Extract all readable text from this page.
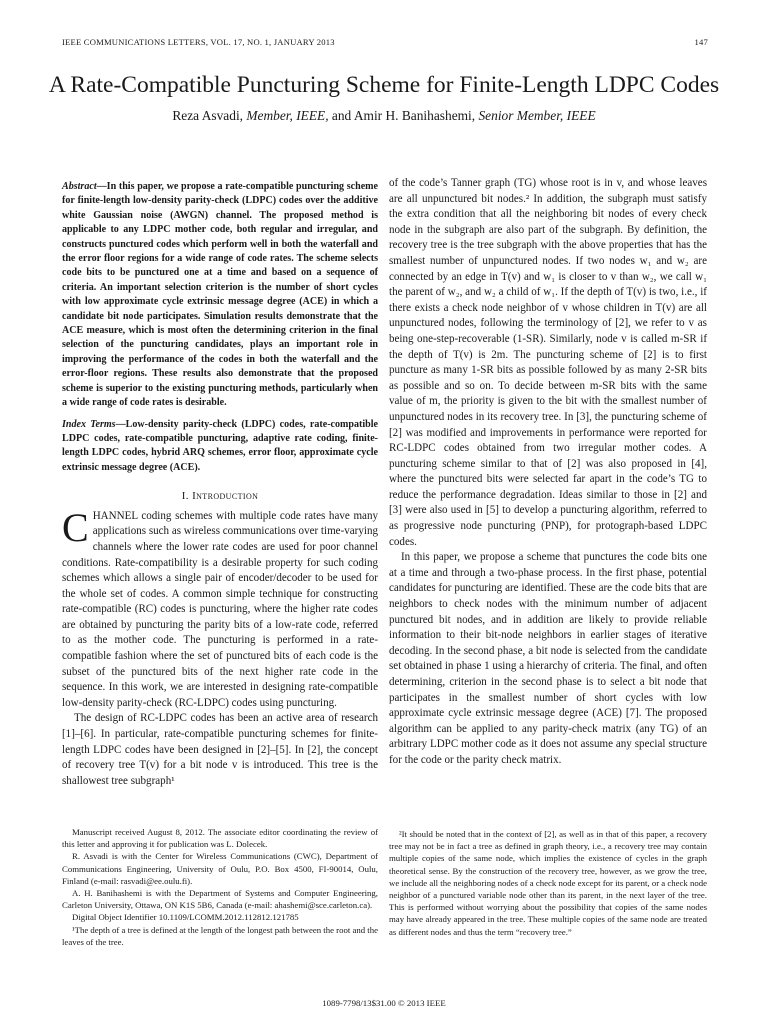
IEEE COMMUNICATIONS LETTERS, VOL. 17, NO. 1, JANUARY 2013	147
A Rate-Compatible Puncturing Scheme for Finite-Length LDPC Codes
Reza Asvadi, Member, IEEE, and Amir H. Banihashemi, Senior Member, IEEE
Abstract—In this paper, we propose a rate-compatible puncturing scheme for finite-length low-density parity-check (LDPC) codes over the additive white Gaussian noise (AWGN) channel. The proposed method is applicable to any LDPC mother code, both regular and irregular, and constructs punctured codes which perform well in both the waterfall and the error floor regions for a wide range of code rates. The scheme selects code bits to be punctured one at a time and based on a sequence of criteria. An important selection criterion is the number of short cycles with low approximate cycle extrinsic message degree (ACE) in which a candidate bit node participates. Simulation results demonstrate that the ACE measure, which is most often the determining criterion in the final selection of the puncturing candidates, plays an important role in improving the performance of the codes in both the waterfall and the error-floor regions. These results also demonstrate that the proposed scheme is superior to the existing puncturing methods, particularly when a wide range of code rates is desirable.
Index Terms—Low-density parity-check (LDPC) codes, rate-compatible LDPC codes, rate-compatible puncturing, adaptive rate coding, finite-length LDPC codes, hybrid ARQ schemes, error floor, approximate cycle extrinsic message degree (ACE).
I. Introduction

CHANNEL coding schemes with multiple code rates have many applications such as wireless communications over time-varying channels where the lower rate codes are used for poor channel conditions. Rate-compatibility is a desirable property for such coding schemes which allows a single pair of encoder/decoder to be used for the whole set of codes. A common simple technique for constructing rate-compatible (RC) codes is puncturing, where the higher rate codes are obtained by puncturing the parity bits of a low-rate code, referred to as the mother code. The puncturing is performed in a rate-compatible fashion where the set of punctured bits of each code is the subset of the punctured bits of the next higher rate code in the sequence. In this work, we are interested in designing rate-compatible low-density parity-check (RC-LDPC) codes using puncturing.

The design of RC-LDPC codes has been an active area of research [1]–[6]. In particular, rate-compatible puncturing schemes for finite-length LDPC codes have been designed in [2]–[5]. In [2], the concept of recovery tree T(v) for a bit node v is introduced. This tree is the shallowest tree subgraph¹

Manuscript received August 8, 2012. The associate editor coordinating the review of this letter and approving it for publication was L. Dolecek.

R. Asvadi is with the Center for Wireless Communications (CWC), Department of Communications Engineering, University of Oulu, P.O. Box 4500, FI-90014, Oulu, Finland (e-mail: rasvadi@ee.oulu.fi).

A. H. Banihashemi is with the Department of Systems and Computer Engineering, Carleton University, Ottawa, ON K1S 5B6, Canada (e-mail: ahashemi@sce.carleton.ca).

Digital Object Identifier 10.1109/LCOMM.2012.112812.121785

¹The depth of a tree is defined at the length of the longest path between the root and the leaves of the tree.

of the code’s Tanner graph (TG) whose root is in v, and whose leaves are all unpunctured bit nodes.² In addition, the subgraph must satisfy the extra condition that all the neighboring bit nodes of every check node in the subgraph are also part of the subgraph. By definition, the recovery tree is the tree subgraph with the above properties that has the smallest number of unpunctured nodes. If two nodes w₁ and w₂ are connected by an edge in T(v) and w₁ is closer to v than w₂, we call w₁ the parent of w₂, and w₂ a child of w₁. If the depth of T(v) is two, i.e., if there exists a check node neighbor of v whose children in T(v) are all unpunctured nodes, following the terminology of [2], we refer to v as being one-step-recoverable (1-SR). Similarly, node v is called m-SR if the depth of T(v) is 2m. The puncturing scheme of [2] is to first puncture as many 1-SR bits as possible followed by as many 2-SR bits as possible and so on. To decide between m-SR bits with the same value of m, the priority is given to the bit with the smallest number of unpunctured nodes in its recovery tree. In [3], the puncturing scheme of [2] was modified and improvements in performance were reported for RC-LDPC codes obtained from two irregular mother codes. A puncturing scheme similar to that of [2] was also proposed in [4], where the punctured bits were selected far apart in the code’s TG to reduce the performance degradation. Ideas similar to those in [2] and [3] were also used in [5] to develop a puncturing algorithm, referred to as progressive node puncturing (PNP), for protograph-based LDPC codes.

In this paper, we propose a scheme that punctures the code bits one at a time and through a two-phase process. In the first phase, potential candidates for puncturing are identified. These are the code bits that are neighbors to check nodes with the minimum number of adjacent punctured bit nodes, and in addition are likely to provide reliable information to their bit-node neighbors in earlier stages of iterative decoding. In the second phase, a bit node is selected from the candidate set obtained in phase 1 using a hierarchy of criteria. The final, and often determining, criterion in the second phase is to select a bit node that participates in the smallest number of short cycles with low approximate cycle extrinsic message degree (ACE) [7]. The proposed algorithm can be applied to any parity-check matrix (any TG) of an arbitrary LDPC mother code as it does not assume any special structure for the code or the parity check matrix.

²It should be noted that in the context of [2], as well as in that of this paper, a recovery tree may not be in fact a tree as defined in graph theory, i.e., a recovery tree may contain multiple copies of the same node, which implies the existence of cycles in the graph theoretical sense. By the construction of the recovery tree, however, as we grow the tree, we include all the neighboring nodes of a check node except for its parent, or a check node neighbor of a punctured variable node other than its parent, in the next layer of the tree. This is performed without worrying about the possibility that copies of the same nodes may have already appeared in the tree. These multiple copies of the same node are treated as different nodes and thus the term “recovery tree.”

1089-7798/13$31.00 © 2013 IEEE
